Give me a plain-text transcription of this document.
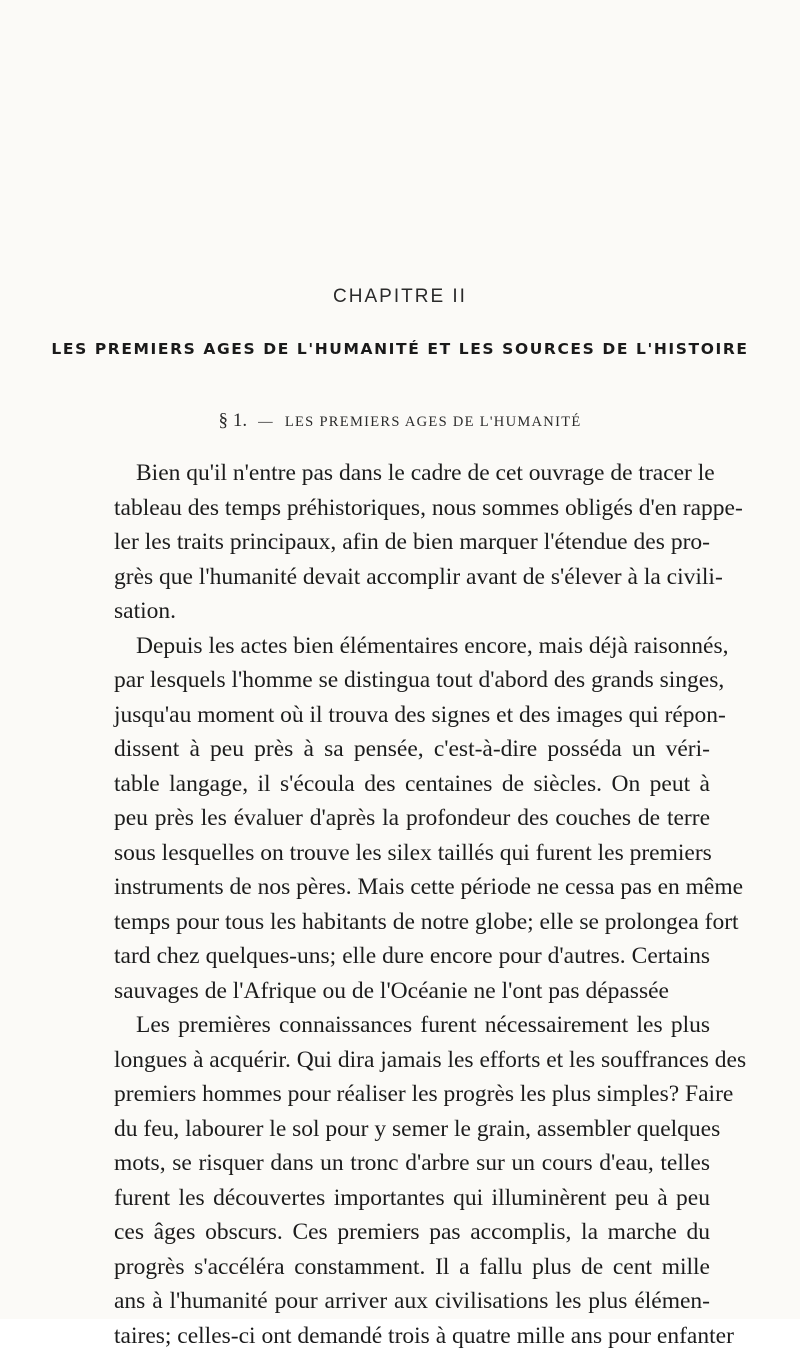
CHAPITRE II
LES PREMIERS AGES DE L'HUMANITÉ ET LES SOURCES DE L'HISTOIRE
§ 1. — LES PREMIERS AGES DE L'HUMANITÉ
Bien qu'il n'entre pas dans le cadre de cet ouvrage de tracer le
tableau des temps préhistoriques, nous sommes obligés d'en rappe-
ler les traits principaux, afin de bien marquer l'étendue des pro-
grès que l'humanité devait accomplir avant de s'élever à la civili-
sation.
Depuis les actes bien élémentaires encore, mais déjà raisonnés,
par lesquels l'homme se distingua tout d'abord des grands singes,
jusqu'au moment où il trouva des signes et des images qui répon-
dissent à peu près à sa pensée, c'est-à-dire posséda un véri-
table langage, il s'écoula des centaines de siècles. On peut à
peu près les évaluer d'après la profondeur des couches de terre
sous lesquelles on trouve les silex taillés qui furent les premiers
instruments de nos pères. Mais cette période ne cessa pas en même
temps pour tous les habitants de notre globe; elle se prolongea fort
tard chez quelques-uns; elle dure encore pour d'autres. Certains
sauvages de l'Afrique ou de l'Océanie ne l'ont pas dépassée
Les premières connaissances furent nécessairement les plus
longues à acquérir. Qui dira jamais les efforts et les souffrances des
premiers hommes pour réaliser les progrès les plus simples? Faire
du feu, labourer le sol pour y semer le grain, assembler quelques
mots, se risquer dans un tronc d'arbre sur un cours d'eau, telles
furent les découvertes importantes qui illuminèrent peu à peu
ces âges obscurs. Ces premiers pas accomplis, la marche du
progrès s'accéléra constamment. Il a fallu plus de cent mille
ans à l'humanité pour arriver aux civilisations les plus élémen-
taires; celles-ci ont demandé trois à quatre mille ans pour enfanter
